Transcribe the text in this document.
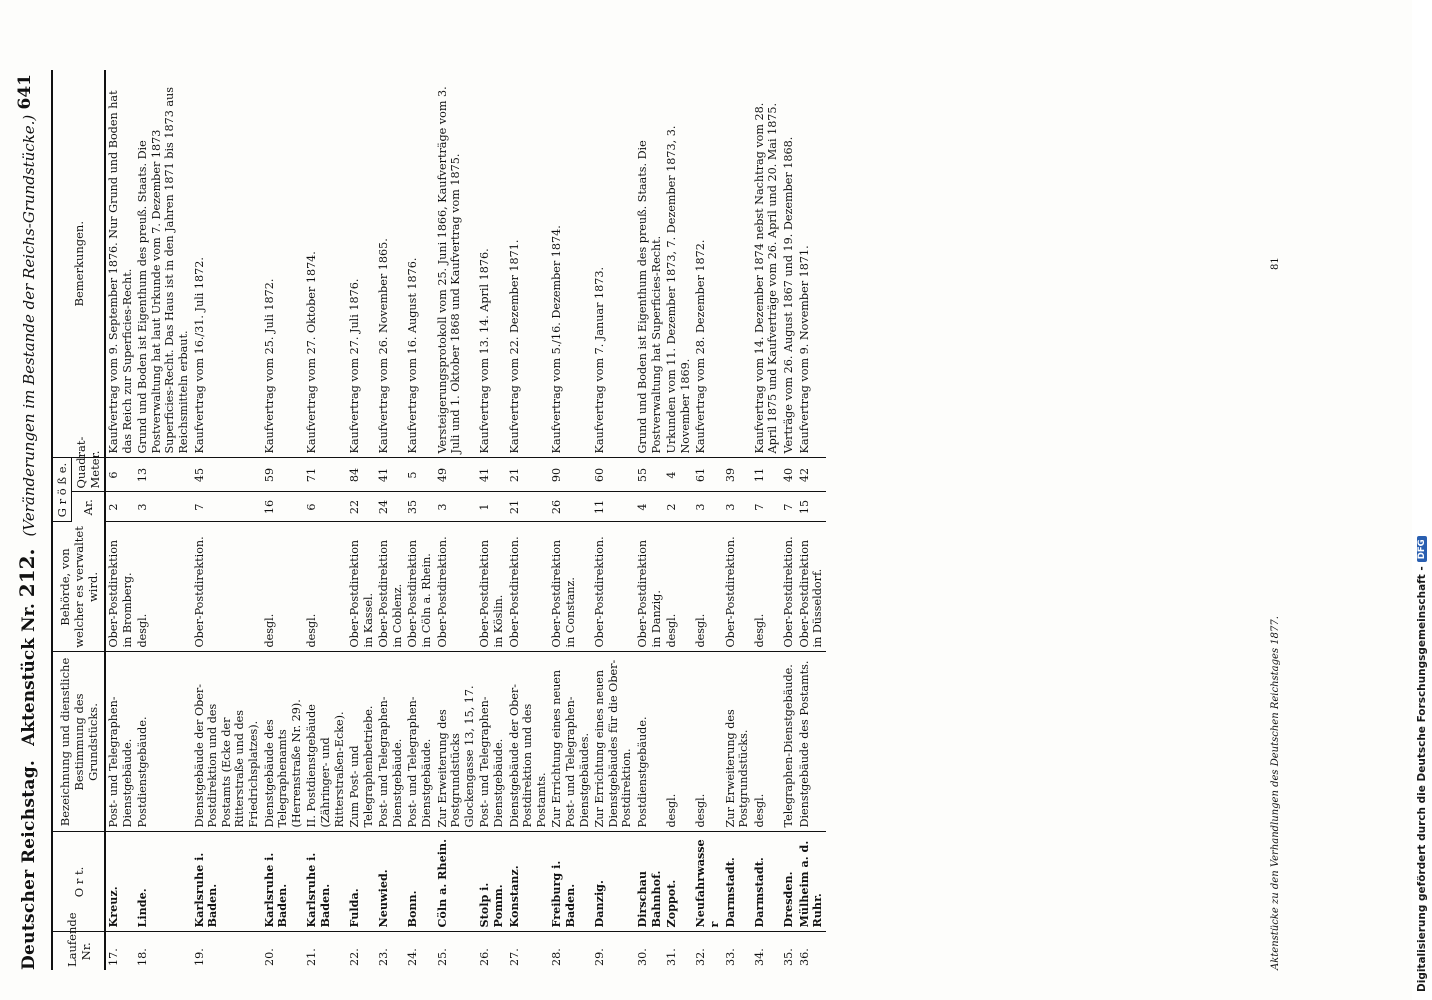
Deutscher Reichstag.
Aktenstück Nr.
212.
(Veränderungen im Bestande der Reichs-Grundstücke.)
641
Laufende Nr.	O r t.	Bezeichnung und dienstliche Bestimmung des Grundstücks.	Behörde, von welcher es verwaltet wird.	G r ö ß e.		Bemerkungen.
				Ar.	Quadrat-Meter.	
17.	Kreuz.	Post- und Telegraphen-Dienstgebäude.	Ober-Postdirektion in Bromberg.	2	6	Kaufvertrag vom 9. September 1876. Nur Grund und Boden hat das Reich zur Superficies-Recht.
18.	Linde.	Postdienstgebäude.	desgl.	3	13	Grund und Boden ist Eigenthum des preuß. Staats. Die Postverwaltung hat laut Urkunde vom 7. Dezember 1873 Superficies-Recht. Das Haus ist in den Jahren 1871 bis 1873 aus Reichsmitteln erbaut.
19.	Karlsruhe i. Baden.	Dienstgebäude der Ober-Postdirektion und des Postamts (Ecke der Ritterstraße und des Friedrichsplatzes).	Ober-Postdirektion.	7	45	Kaufvertrag vom 16./31. Juli 1872.
20.	Karlsruhe i. Baden.	Dienstgebäude des Telegraphenamts (Herrenstraße Nr. 29).	desgl.	16	59	Kaufvertrag vom 25. Juli 1872.
21.	Karlsruhe i. Baden.	II. Postdienstgebäude (Zähringer- und Ritterstraßen-Ecke).	desgl.	6	71	Kaufvertrag vom 27. Oktober 1874.
22.	Fulda.	Zum Post- und Telegraphenbetriebe.	Ober-Postdirektion in Kassel.	22	84	Kaufvertrag vom 27. Juli 1876.
23.	Neuwied.	Post- und Telegraphen-Dienstgebäude.	Ober-Postdirektion in Coblenz.	24	41	Kaufvertrag vom 26. November 1865.
24.	Bonn.	Post- und Telegraphen-Dienstgebäude.	Ober-Postdirektion in Cöln a. Rhein.	35	5	Kaufvertrag vom 16. August 1876.
25.	Cöln a. Rhein.	Zur Erweiterung des Postgrundstücks Glockengasse 13, 15, 17.	Ober-Postdirektion.	3	49	Versteigerungsprotokoll vom 25. Juni 1866, Kaufverträge vom 3. Juli und 1. Oktober 1868 und Kaufvertrag vom 1875.
26.	Stolp i. Pomm.	Post- und Telegraphen-Dienstgebäude.	Ober-Postdirektion in Köslin.	1	41	Kaufvertrag vom 13. 14. April 1876.
27.	Konstanz.	Dienstgebäude der Ober-Postdirektion und des Postamts.	Ober-Postdirektion.	21	21	Kaufvertrag vom 22. Dezember 1871.
28.	Freiburg i. Baden.	Zur Errichtung eines neuen Post- und Telegraphen-Dienstgebäudes.	Ober-Postdirektion in Constanz.	26	90	Kaufvertrag vom 5./16. Dezember 1874.
29.	Danzig.	Zur Errichtung eines neuen Dienstgebäudes für die Ober-Postdirektion.	Ober-Postdirektion.	11	60	Kaufvertrag vom 7. Januar 1873.
30.	Dirschau Bahnhof.	Postdienstgebäude.	Ober-Postdirektion in Danzig.	4	55	Grund und Boden ist Eigenthum des preuß. Staats. Die Postverwaltung hat Superficies-Recht.
31.	Zoppot.	desgl.	desgl.	2	4	Urkunden vom 11. Dezember 1873, 7. Dezember 1873, 3. November 1869.
32.	Neufahrwasser	desgl.	desgl.	3	61	Kaufvertrag vom 28. Dezember 1872.
33.	Darmstadt.	Zur Erweiterung des Postgrundstücks.	Ober-Postdirektion.	3	39	
34.	Darmstadt.	desgl.	desgl.	7	11	Kaufvertrag vom 14. Dezember 1874 nebst Nachtrag vom 28. April 1875 und Kaufverträge vom 26. April und 20. Mai 1875.
35.	Dresden.	Telegraphen-Dienstgebäude.	Ober-Postdirektion.	7	40	Verträge vom 26. August 1867 und 19. Dezember 1868.
36.	Mülheim a. d. Ruhr.	Dienstgebäude des Postamts.	Ober-Postdirektion in Düsseldorf.	15	42	Kaufvertrag vom 9. November 1871.
Aktenstücke zu den Verhandlungen des Deutschen Reichstages 1877.
81
Digitalisierung gefördert durch die Deutsche Forschungsgemeinschaft -
DFG
